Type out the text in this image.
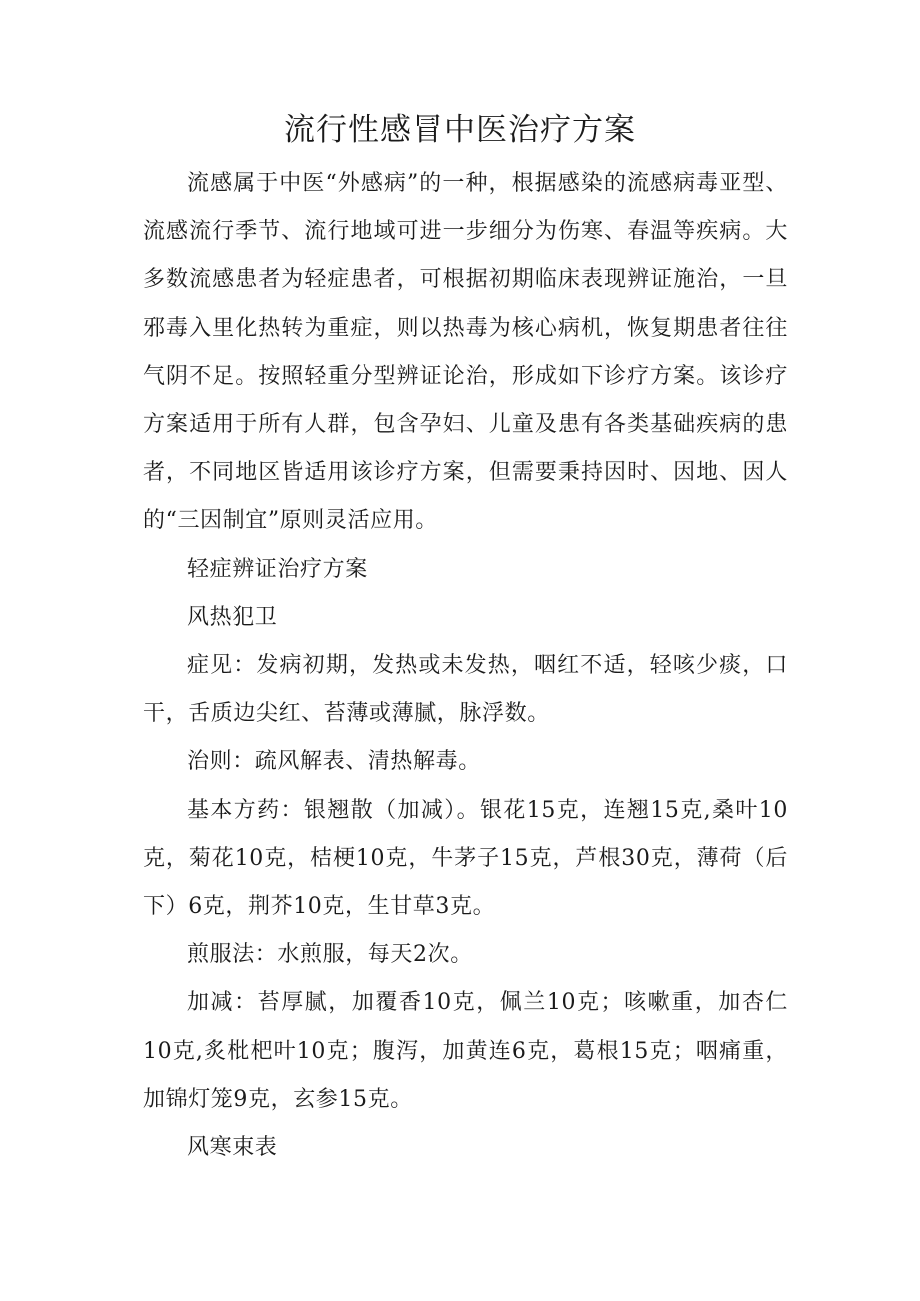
流行性感冒中医治疗方案

流感属于中医“外感病”的一种，根据感染的流感病毒亚型、流感流行季节、流行地域可进一步细分为伤寒、春温等疾病。大多数流感患者为轻症患者，可根据初期临床表现辨证施治，一旦邪毒入里化热转为重症，则以热毒为核心病机，恢复期患者往往气阴不足。按照轻重分型辨证论治，形成如下诊疗方案。该诊疗方案适用于所有人群，包含孕妇、儿童及患有各类基础疾病的患者，不同地区皆适用该诊疗方案，但需要秉持因时、因地、因人的“三因制宜”原则灵活应用。

轻症辨证治疗方案

风热犯卫

症见：发病初期，发热或未发热，咽红不适，轻咳少痰，口干，舌质边尖红、苔薄或薄腻，脉浮数。

治则：疏风解表、清热解毒。

基本方药：银翘散（加减）。银花15克，连翘15克,桑叶10克，菊花10克，桔梗10克，牛茅子15克，芦根30克，薄荷（后下）6克，荆芥10克，生甘草3克。

煎服法：水煎服，每天2次。

加减：苔厚腻，加覆香10克，佩兰10克；咳嗽重，加杏仁10克,炙枇杷叶10克；腹泻，加黄连6克，葛根15克；咽痛重，加锦灯笼9克，玄参15克。

风寒束表
